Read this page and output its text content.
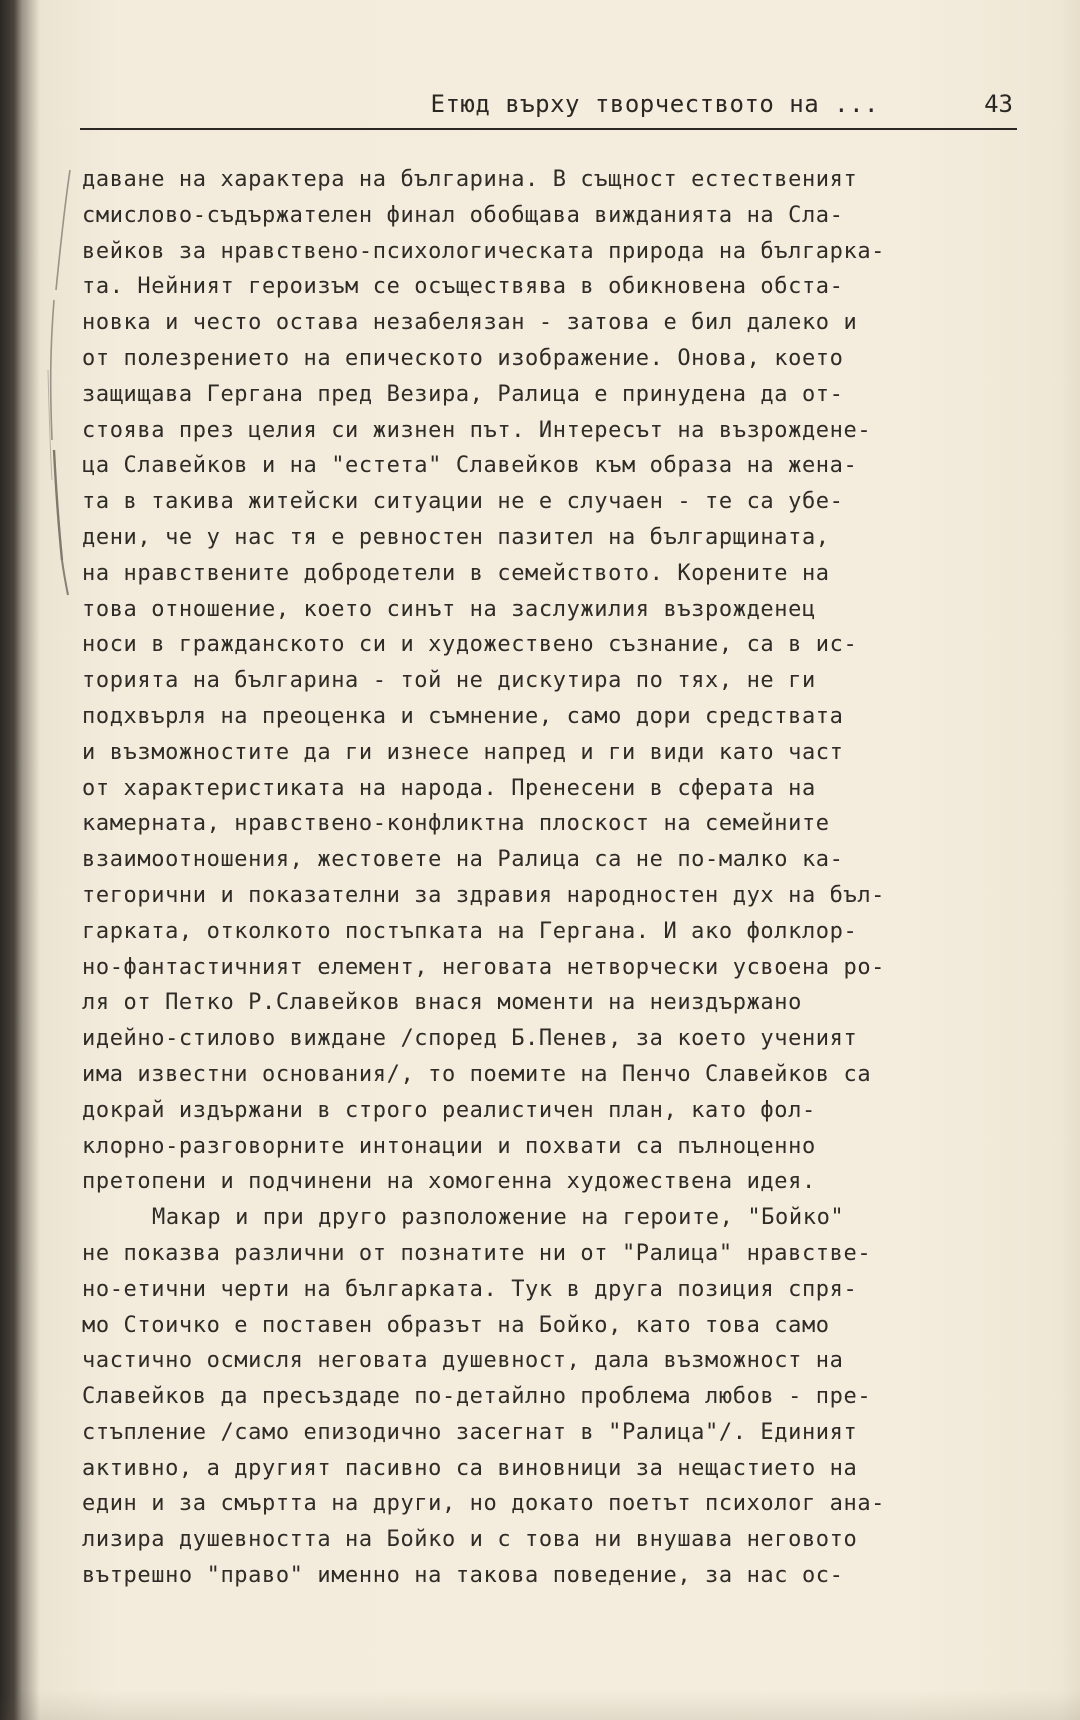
Етюд върху творчеството на ...	43
даване на характера на българина. В същност естественият
смислово-съдържателен финал обобщава вижданията на Сла-
вейков за нравствено-психологическата природа на българка-
та. Нейният героизъм се осъществява в обикновена обста-
новка и често остава незабелязан - затова е бил далеко и
от полезрението на епическото изображение. Онова, което
защищава Гергана пред Везира, Ралица е принудена да от-
стоява през целия си жизнен път. Интересът на възрождене-
ца Славейков и на "естета" Славейков към образа на жена-
та в такива житейски ситуации не е случаен - те са убе-
дени, че у нас тя е ревностен пазител на българщината,
на нравствените добродетели в семейството. Корените на
това отношение, което синът на заслужилия възрожденец
носи в гражданското си и художествено съзнание, са в ис-
торията на българина - той не дискутира по тях, не ги
подхвърля на преоценка и съмнение, само дори средствата
и възможностите да ги изнесе напред и ги види като част
от характеристиката на народа. Пренесени в сферата на
камерната, нравствено-конфликтна плоскост на семейните
взаимоотношения, жестовете на Ралица са не по-малко ка-
тегорични и показателни за здравия народностен дух на бъл-
гарката, отколкото постъпката на Гергана. И ако фолклор-
но-фантастичният елемент, неговата нетворчески усвоена ро-
ля от Петко Р.Славейков внася моменти на неиздържано
идейно-стилово виждане /според Б.Пенев, за което ученият
има известни основания/, то поемите на Пенчо Славейков са
докрай издържани в строго реалистичен план, като фол-
клорно-разговорните интонации и похвати са пълноценно
претопени и подчинени на хомогенна художествена идея.
Макар и при друго разположение на героите, "Бойко"
не показва различни от познатите ни от "Ралица" нравстве-
но-етични черти на българката. Тук в друга позиция спря-
мо Стоичко е поставен образът на Бойко, като това само
частично осмисля неговата душевност, дала възможност на
Славейков да пресъздаде по-детайлно проблема любов - пре-
стъпление /само епизодично засегнат в "Ралица"/. Единият
активно, а другият пасивно са виновници за нещастието на
един и за смъртта на други, но докато поетът психолог ана-
лизира душевността на Бойко и с това ни внушава неговото
вътрешно "право" именно на такова поведение, за нас ос-
